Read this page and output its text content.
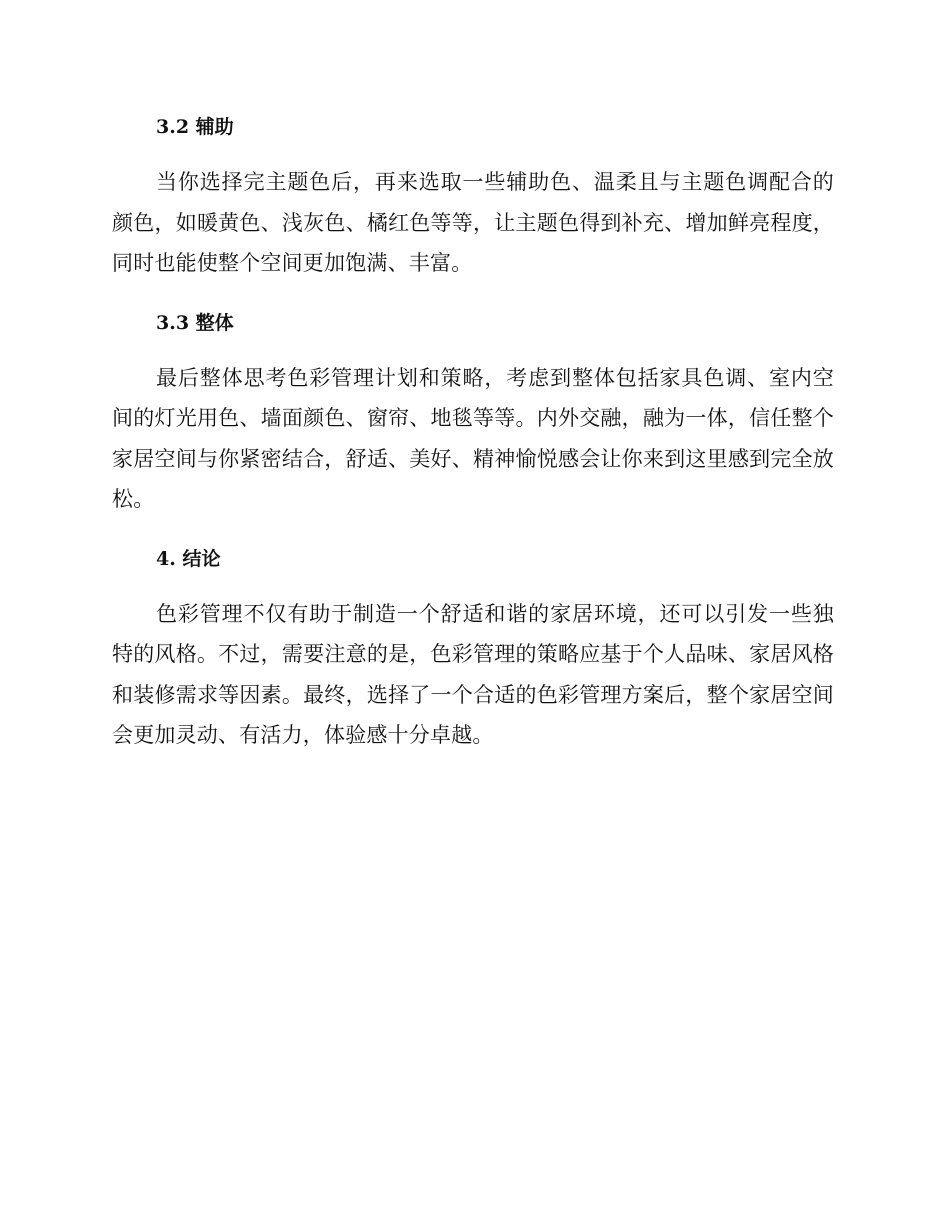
3.2 辅助

当你选择完主题色后，再来选取一些辅助色、温柔且与主题色调配合的颜色，如暖黄色、浅灰色、橘红色等等，让主题色得到补充、增加鲜亮程度，同时也能使整个空间更加饱满、丰富。

3.3 整体

最后整体思考色彩管理计划和策略，考虑到整体包括家具色调、室内空间的灯光用色、墙面颜色、窗帘、地毯等等。内外交融，融为一体，信任整个家居空间与你紧密结合，舒适、美好、精神愉悦感会让你来到这里感到完全放松。

4. 结论

色彩管理不仅有助于制造一个舒适和谐的家居环境，还可以引发一些独特的风格。不过，需要注意的是，色彩管理的策略应基于个人品味、家居风格和装修需求等因素。最终，选择了一个合适的色彩管理方案后，整个家居空间会更加灵动、有活力，体验感十分卓越。
